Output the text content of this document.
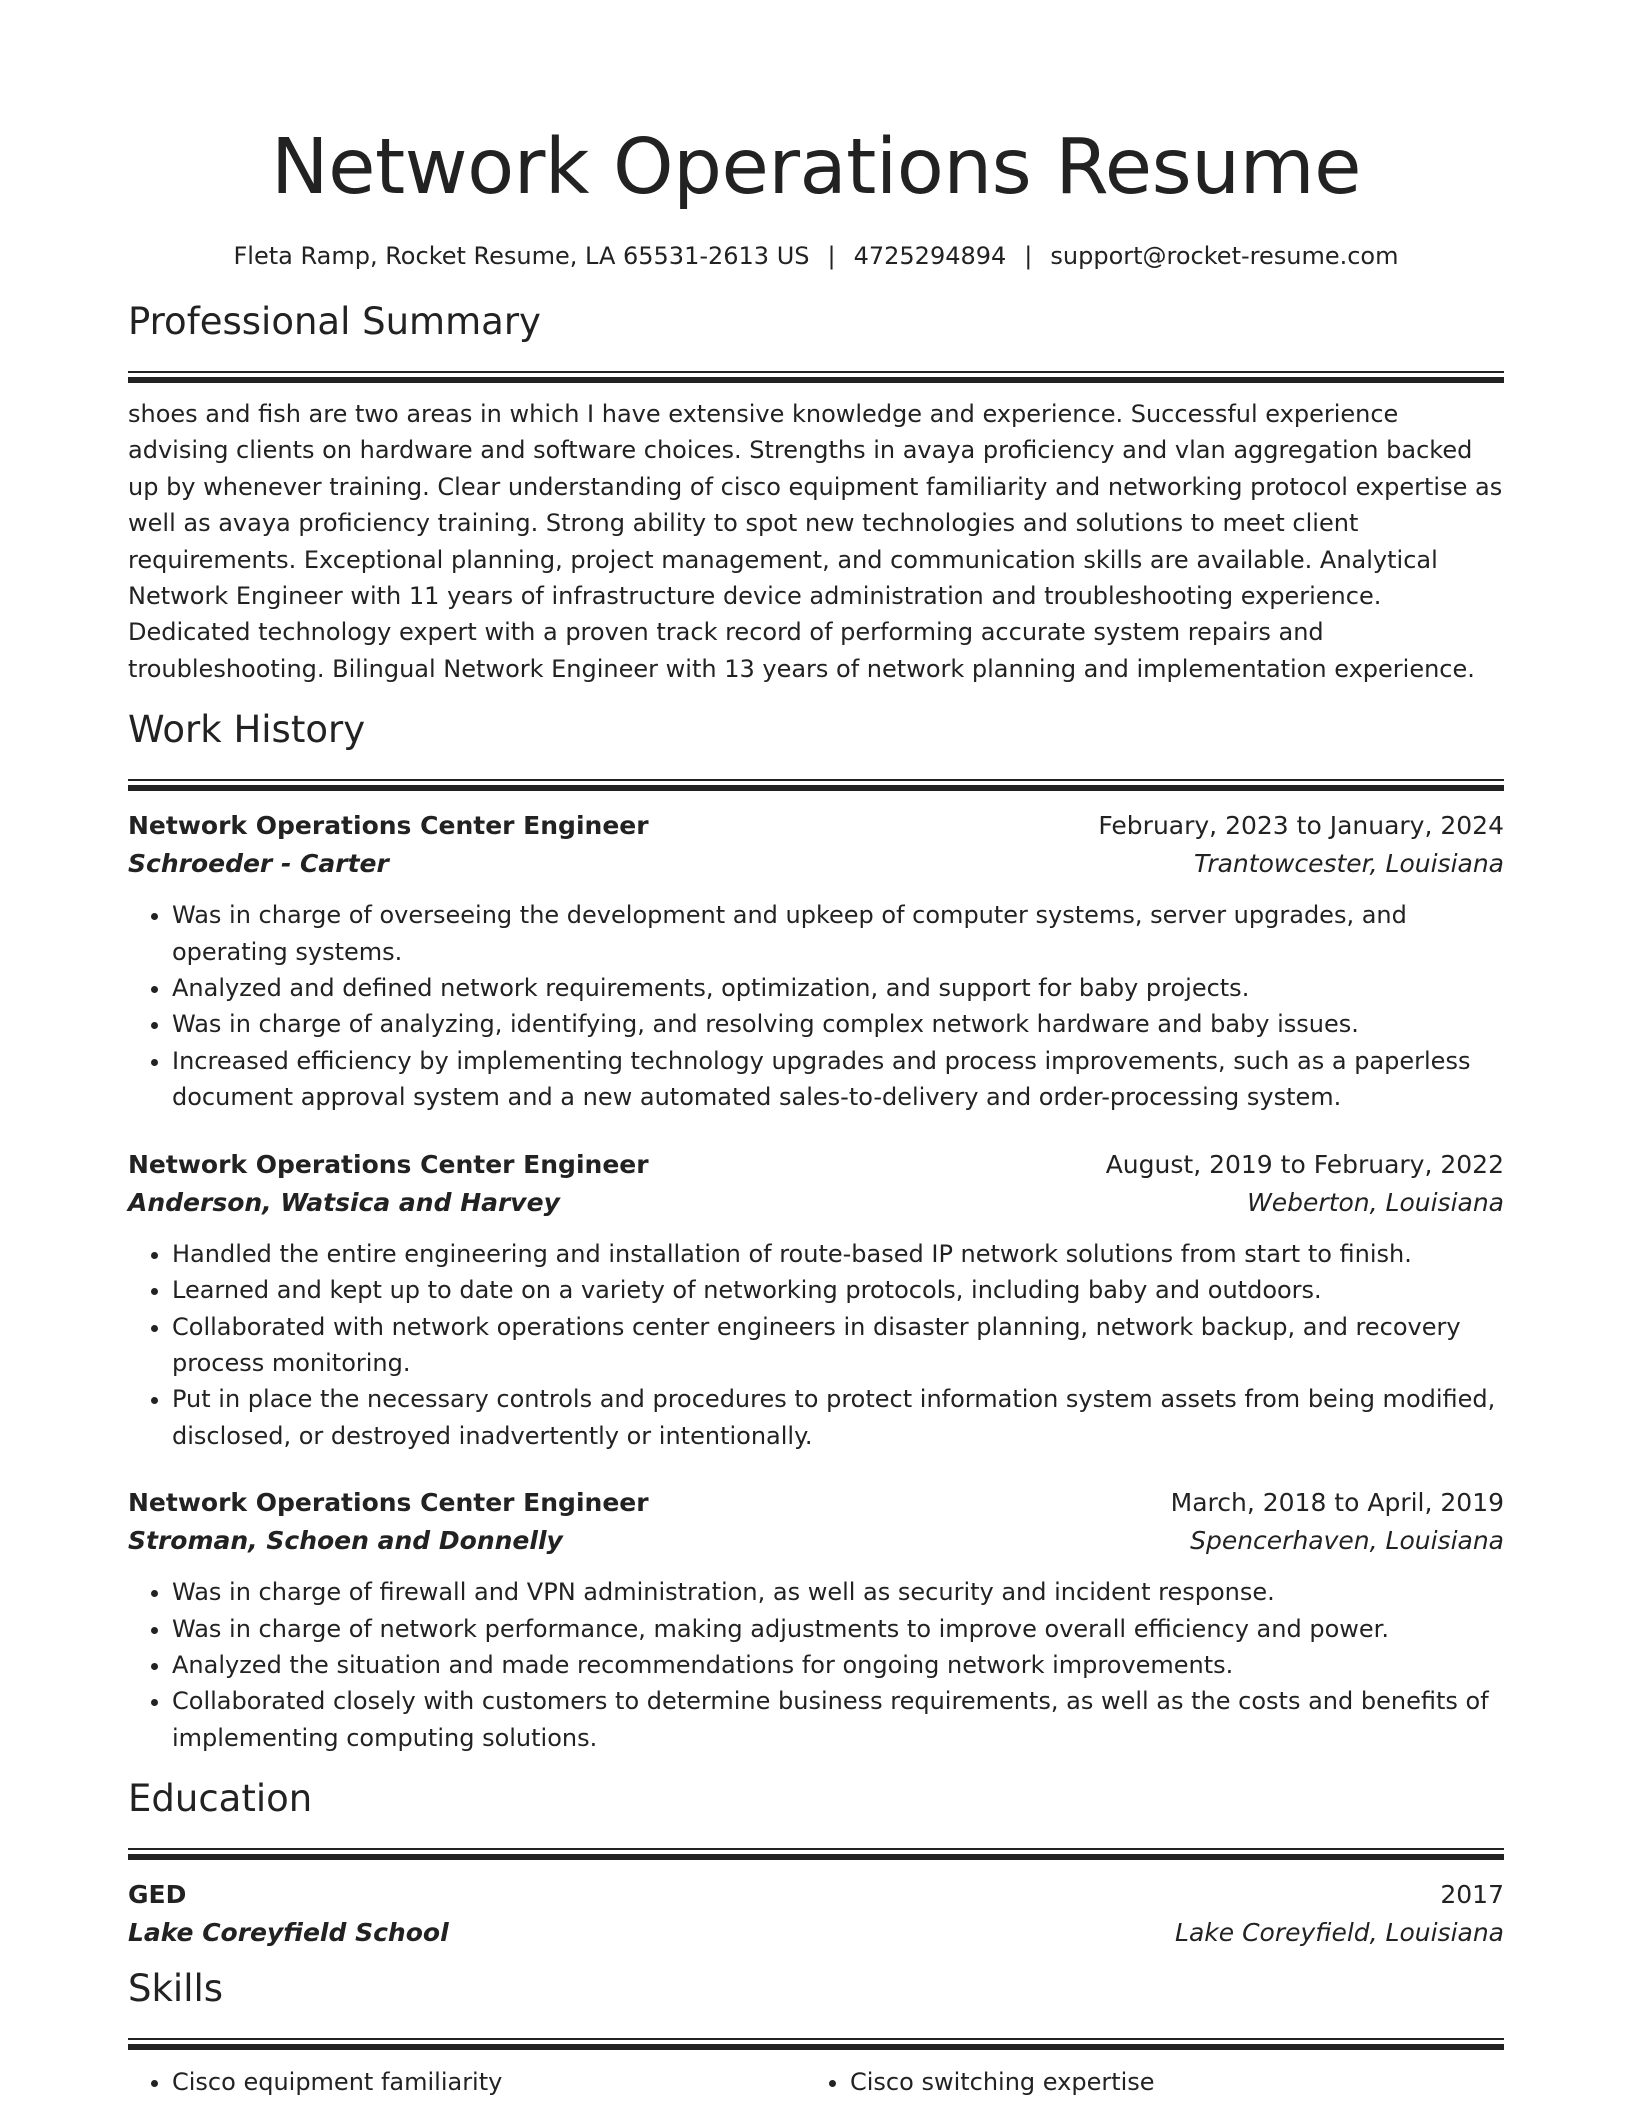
Network Operations Resume
Fleta Ramp, Rocket Resume, LA 65531-2613 US | 4725294894 | support@rocket-resume.com
Professional Summary
shoes and fish are two areas in which I have extensive knowledge and experience. Successful experience advising clients on hardware and software choices. Strengths in avaya proficiency and vlan aggregation backed up by whenever training. Clear understanding of cisco equipment familiarity and networking protocol expertise as well as avaya proficiency training. Strong ability to spot new technologies and solutions to meet client requirements. Exceptional planning, project management, and communication skills are available. Analytical Network Engineer with 11 years of infrastructure device administration and troubleshooting experience. Dedicated technology expert with a proven track record of performing accurate system repairs and troubleshooting. Bilingual Network Engineer with 13 years of network planning and implementation experience.
Work History
Network Operations Center Engineer	February, 2023 to January, 2024
Schroeder - Carter	Trantowcester, Louisiana
• Was in charge of overseeing the development and upkeep of computer systems, server upgrades, and operating systems.
• Analyzed and defined network requirements, optimization, and support for baby projects.
• Was in charge of analyzing, identifying, and resolving complex network hardware and baby issues.
• Increased efficiency by implementing technology upgrades and process improvements, such as a paperless document approval system and a new automated sales-to-delivery and order-processing system.
Network Operations Center Engineer	August, 2019 to February, 2022
Anderson, Watsica and Harvey	Weberton, Louisiana
• Handled the entire engineering and installation of route-based IP network solutions from start to finish.
• Learned and kept up to date on a variety of networking protocols, including baby and outdoors.
• Collaborated with network operations center engineers in disaster planning, network backup, and recovery process monitoring.
• Put in place the necessary controls and procedures to protect information system assets from being modified, disclosed, or destroyed inadvertently or intentionally.
Network Operations Center Engineer	March, 2018 to April, 2019
Stroman, Schoen and Donnelly	Spencerhaven, Louisiana
• Was in charge of firewall and VPN administration, as well as security and incident response.
• Was in charge of network performance, making adjustments to improve overall efficiency and power.
• Analyzed the situation and made recommendations for ongoing network improvements.
• Collaborated closely with customers to determine business requirements, as well as the costs and benefits of implementing computing solutions.
Education
GED	2017
Lake Coreyfield School	Lake Coreyfield, Louisiana
Skills
• Cisco equipment familiarity
•	Cisco switching expertise
